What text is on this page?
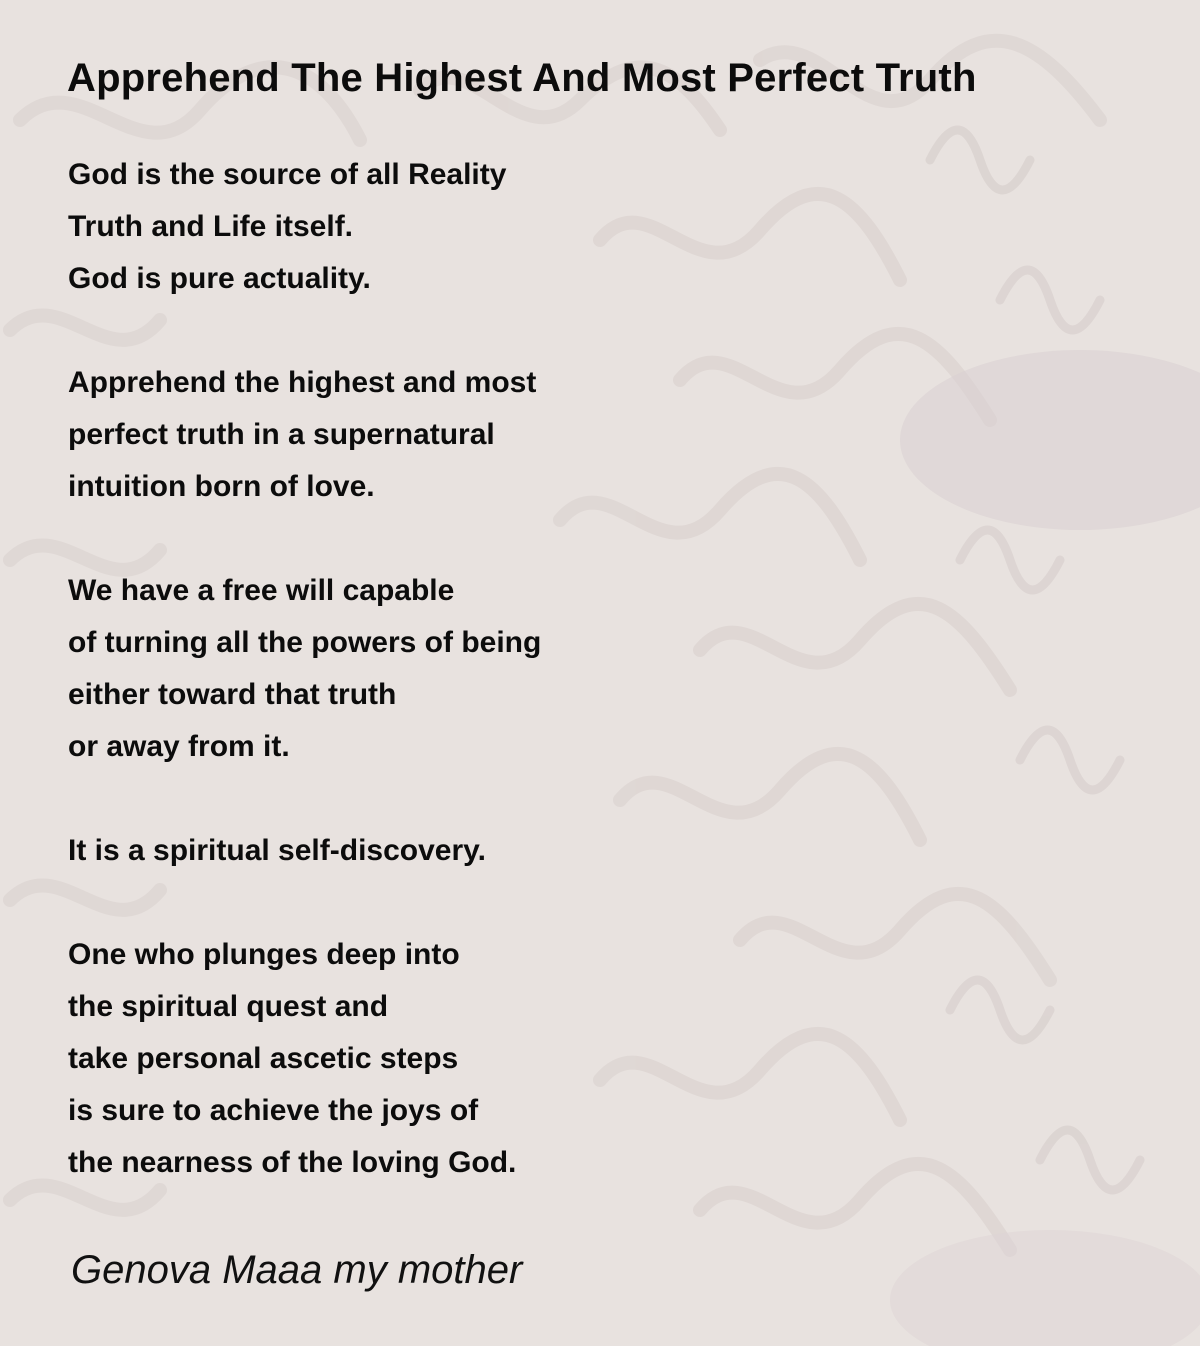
Apprehend The Highest And Most Perfect Truth
God is the source of all Reality
Truth and Life itself.
God is pure actuality.
Apprehend the highest and most
perfect truth in a supernatural
intuition born of love.
We have a free will capable
of turning all the powers of being
either toward that truth
or away from it.
It is a spiritual self-discovery.
One who plunges deep into
the spiritual quest and
take personal ascetic steps
is sure to achieve the joys of
the nearness of the loving God.
Genova Maaa my mother
